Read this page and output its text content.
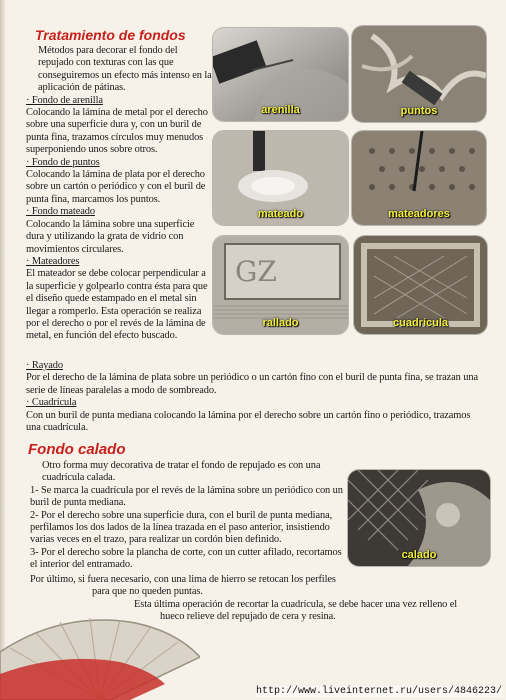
Tratamiento de fondos

Métodos para decorar el fondo del repujado con texturas con las que conseguiremos un efecto más intenso en la aplicación de pátinas.

· Fondo de arenilla

Colocando la lámina de metal por el derecho sobre una superficie dura y, con un buril de punta fina, trazamos círculos muy menudos superponiendo unos sobre otros.

· Fondo de puntos

Colocando la lámina de plata por el derecho sobre un cartón o periódico y con el buril de punta fina, marcamos los puntos.

· Fondo mateado

Colocando la lámina sobre una superficie dura y utilizando la grata de vidrio con movimientos circulares.

· Mateadores

El mateador se debe colocar perpendicular a la superficie y golpearlo contra ésta para que el diseño quede estampado en el metal sin llegar a romperlo. Esta operación se realiza por el derecho o por el revés de la lámina de metal, en función del efecto buscado.

· Rayado

Por el derecho de la lámina de plata sobre un periódico o un cartón fino con el buril de punta fina, se trazan una serie de líneas paralelas a modo de sombreado.

· Cuadrícula

Con un buril de punta mediana colocando la lámina por el derecho sobre un cartón fino o periódico, trazamos una cuadrícula.

arenilla	puntos
mateado	mateadores
GZ
rallado	cuadrícula
Fondo calado

Otro forma muy decorativa de tratar el fondo de repujado es con una cuadrícula calada.

1- Se marca la cuadrícula por el revés de la lámina sobre un periódico con un buril de punta mediana.

2- Por el derecho sobre una superficie dura, con el buril de punta mediana, perfilamos los dos lados de la línea trazada en el paso anterior, insistiendo varias veces en el trazo, para realizar un cordón bien definido.

3- Por el derecho sobre la plancha de corte, con un cutter afilado, recortamos el interior del entramado.

Por último, si fuera necesario, con una lima de hierro se retocan los perfiles

para que no queden puntas.

Esta última operación de recortar la cuadrícula, se debe hacer una vez relleno el

hueco relieve del repujado de cera y resina.

calado
http://www.liveinternet.ru/users/4846223/
